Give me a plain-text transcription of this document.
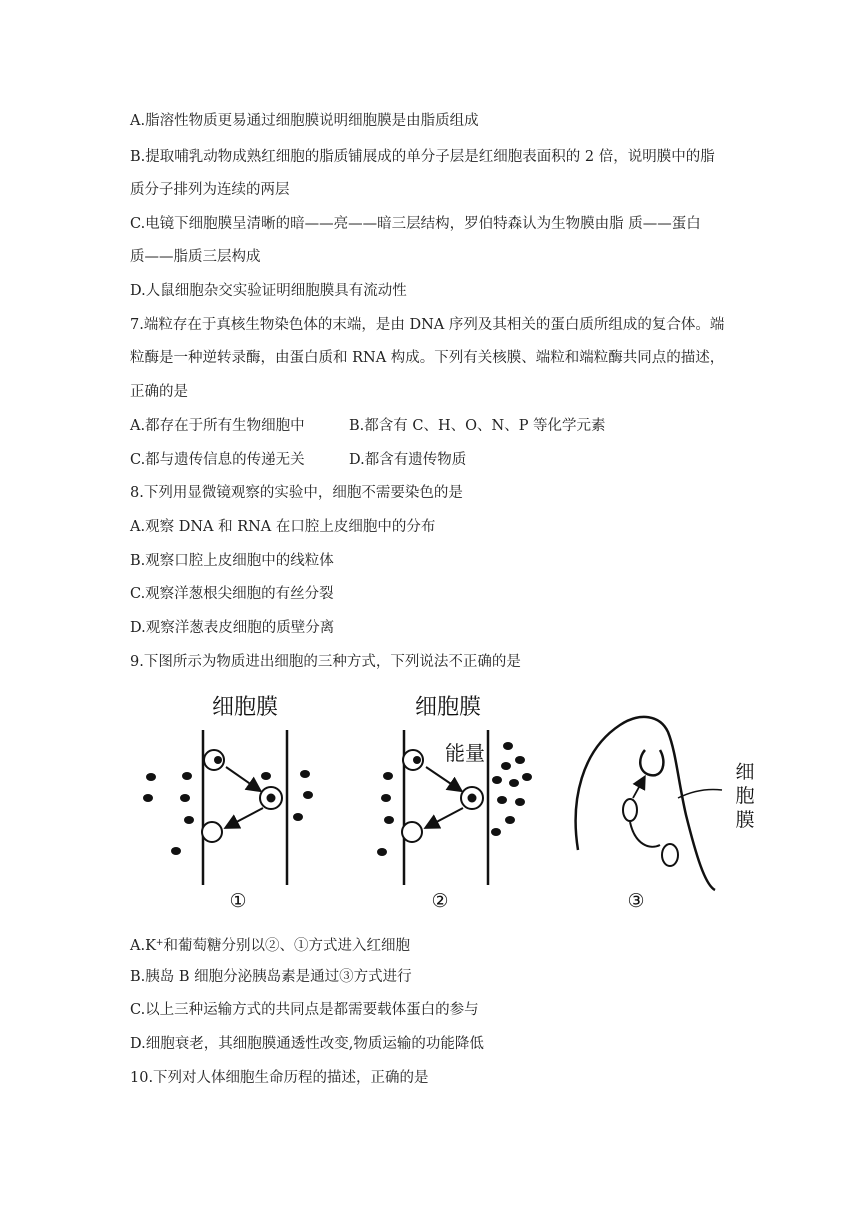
A.脂溶性物质更易通过细胞膜说明细胞膜是由脂质组成
B.提取哺乳动物成熟红细胞的脂质铺展成的单分子层是红细胞表面积的 2 倍，说明膜中的脂
质分子排列为连续的两层
C.电镜下细胞膜呈清晰的暗——亮——暗三层结构，罗伯特森认为生物膜由脂 质——蛋白
质——脂质三层构成
D.人鼠细胞杂交实验证明细胞膜具有流动性
7.端粒存在于真核生物染色体的末端，是由 DNA 序列及其相关的蛋白质所组成的复合体。端
粒酶是一种逆转录酶，由蛋白质和 RNA 构成。下列有关核膜、端粒和端粒酶共同点的描述，
正确的是
A.都存在于所有生物细胞中	B.都含有 C、H、O、N、P 等化学元素
C.都与遗传信息的传递无关	D.都含有遗传物质
8.下列用显微镜观察的实验中，细胞不需要染色的是
A.观察 DNA 和 RNA 在口腔上皮细胞中的分布
B.观察口腔上皮细胞中的线粒体
C.观察洋葱根尖细胞的有丝分裂
D.观察洋葱表皮细胞的质壁分离
9.下图所示为物质进出细胞的三种方式，下列说法不正确的是
细胞膜
①
细胞膜
能量
②
细
胞
膜
③
A.K+和葡萄糖分别以②、①方式进入红细胞
B.胰岛 B 细胞分泌胰岛素是通过③方式进行
C.以上三种运输方式的共同点是都需要载体蛋白的参与
D.细胞衰老，其细胞膜通透性改变,物质运输的功能降低
10.下列对人体细胞生命历程的描述，正确的是
